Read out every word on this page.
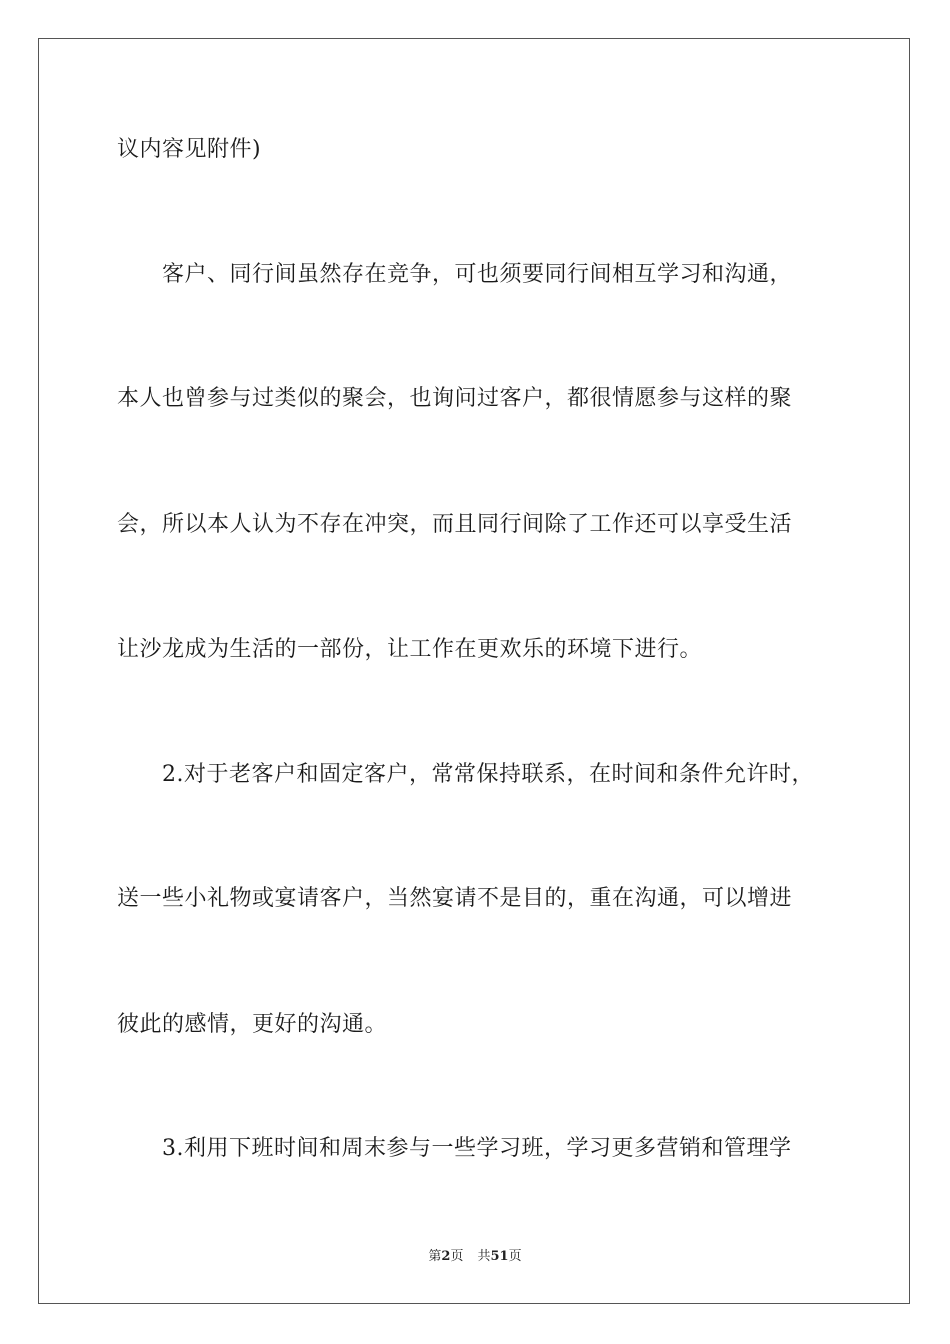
议内容见附件)
客户、同行间虽然存在竞争，可也须要同行间相互学习和沟通，
本人也曾参与过类似的聚会，也询问过客户，都很情愿参与这样的聚
会，所以本人认为不存在冲突，而且同行间除了工作还可以享受生活
让沙龙成为生活的一部份，让工作在更欢乐的环境下进行。
2.对于老客户和固定客户，常常保持联系，在时间和条件允许时，
送一些小礼物或宴请客户，当然宴请不是目的，重在沟通，可以增进
彼此的感情，更好的沟通。
3.利用下班时间和周末参与一些学习班，学习更多营销和管理学
第2页 共51页
